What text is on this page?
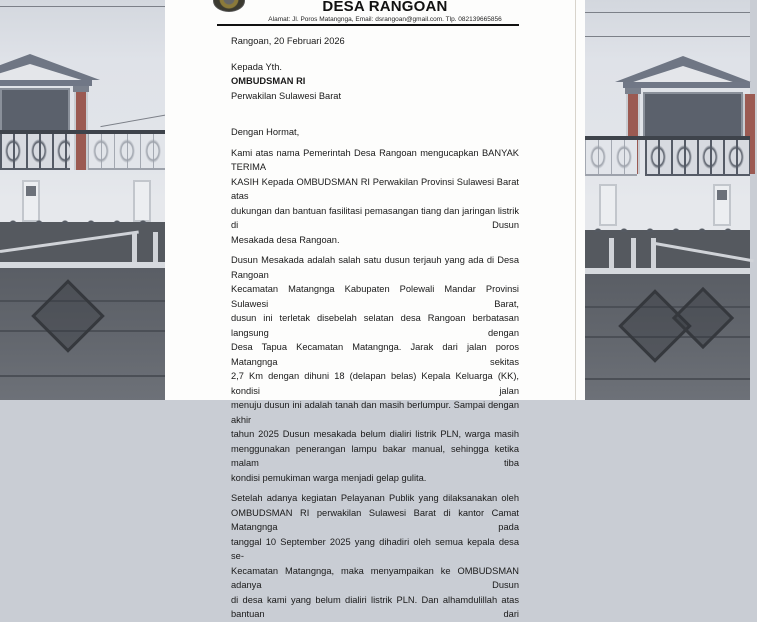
DESA RANGOAN
Alamat: Jl. Poros Matangnga, Email: dsrangoan@gmail.com. Tlp. 082139665856
Rangoan, 20 Februari 2026
Kepada Yth.
OMBUDSMAN RI
Perwakilan Sulawesi Barat
Dengan Hormat,
Kami atas nama Pemerintah Desa Rangoan mengucapkan BANYAK TERIMA
KASIH Kepada OMBUDSMAN RI Perwakilan Provinsi Sulawesi Barat atas
dukungan dan bantuan fasilitasi pemasangan tiang dan jaringan listrik di Dusun
Mesakada desa Rangoan.
Dusun Mesakada adalah salah satu dusun terjauh yang ada di Desa Rangoan
Kecamatan Matangnga Kabupaten Polewali Mandar Provinsi Sulawesi Barat,
dusun ini terletak disebelah selatan desa Rangoan berbatasan langsung dengan
Desa Tapua Kecamatan Matangnga. Jarak dari jalan poros Matangnga sekitas
2,7 Km dengan dihuni 18 (delapan belas) Kepala Keluarga (KK), kondisi jalan
menuju dusun ini adalah tanah dan masih berlumpur. Sampai dengan akhir
tahun 2025 Dusun mesakada belum dialiri listrik PLN, warga masih
menggunakan penerangan lampu bakar manual, sehingga ketika malam tiba
kondisi pemukiman warga menjadi gelap gulita.
Setelah adanya kegiatan Pelayanan Publik yang dilaksanakan oleh
OMBUDSMAN RI perwakilan Sulawesi Barat di kantor Camat Matangnga pada
tanggal 10 September 2025 yang dihadiri oleh semua kepala desa se-
Kecamatan Matangnga, maka menyampaikan ke OMBUDSMAN adanya Dusun
di desa kami yang belum dialiri listrik PLN. Dan alhamdulillah atas bantuan dari
